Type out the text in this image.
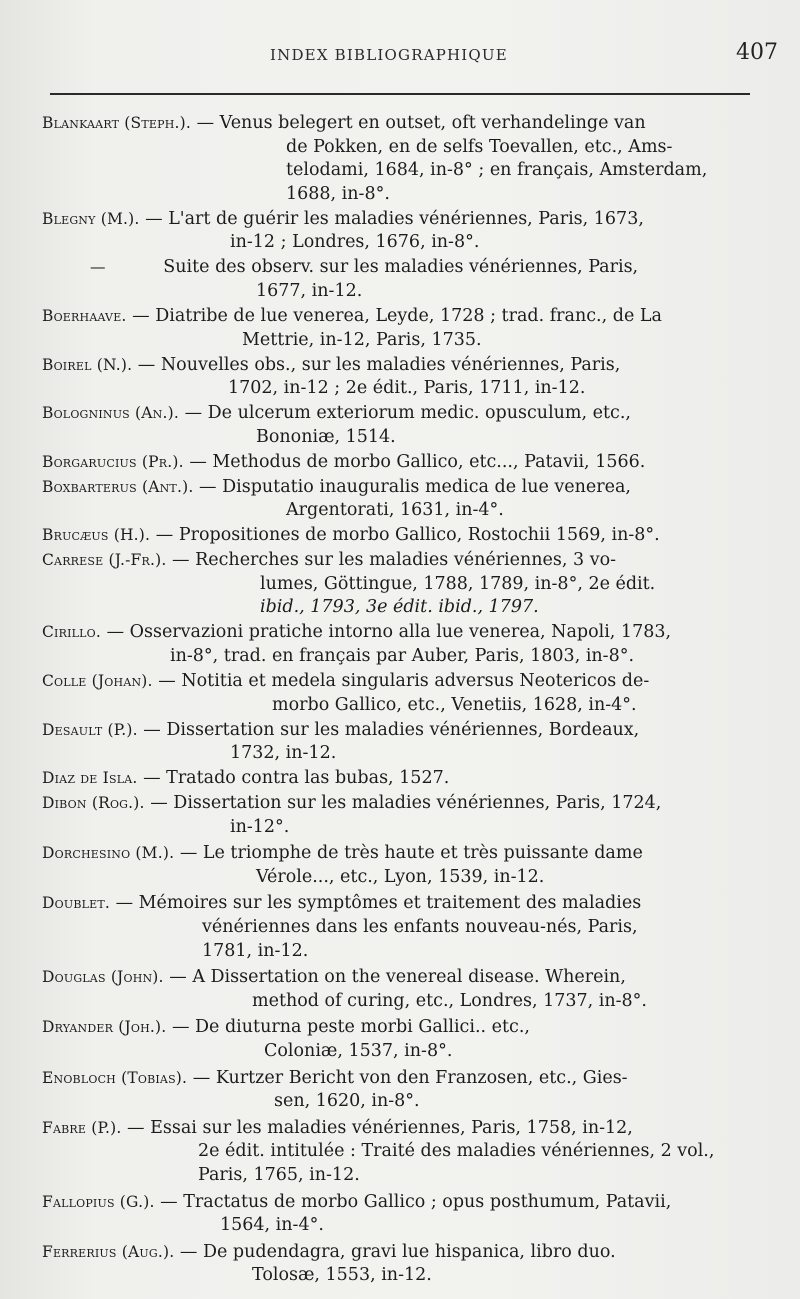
INDEX BIBLIOGRAPHIQUE	407
Blankaart (Steph.). — Venus belegert en outset, oft verhandelinge van
de Pokken, en de selfs Toevallen, etc., Ams-
telodami, 1684, in-8° ; en français, Amsterdam,
1688, in-8°.
Blegny (M.). — L'art de guérir les maladies vénériennes, Paris, 1673,
in-12 ; Londres, 1676, in-8°.
—	Suite des observ. sur les maladies vénériennes, Paris,
1677, in-12.
Boerhaave. — Diatribe de lue venerea, Leyde, 1728 ; trad. franc., de La
Mettrie, in-12, Paris, 1735.
Boirel (N.). — Nouvelles obs., sur les maladies vénériennes, Paris,
1702, in-12 ; 2e édit., Paris, 1711, in-12.
Bologninus (An.). — De ulcerum exteriorum medic. opusculum, etc.,
Bononiæ, 1514.
Borgarucius (Pr.). — Methodus de morbo Gallico, etc..., Patavii, 1566.
Boxbarterus (Ant.). — Disputatio inauguralis medica de lue venerea,
Argentorati, 1631, in-4°.
Brucæus (H.). — Propositiones de morbo Gallico, Rostochii 1569, in-8°.
Carrese (J.-Fr.). — Recherches sur les maladies vénériennes, 3 vo-
lumes, Göttingue, 1788, 1789, in-8°, 2e édit.
ibid., 1793, 3e édit. ibid., 1797.
Cirillo. — Osservazioni pratiche intorno alla lue venerea, Napoli, 1783,
in-8°, trad. en français par Auber, Paris, 1803, in-8°.
Colle (Johan). — Notitia et medela singularis adversus Neotericos de-
morbo Gallico, etc., Venetiis, 1628, in-4°.
Desault (P.). — Dissertation sur les maladies vénériennes, Bordeaux,
1732, in-12.
Diaz de Isla. — Tratado contra las bubas, 1527.
Dibon (Rog.). — Dissertation sur les maladies vénériennes, Paris, 1724,
in-12°.
Dorchesino (M.). — Le triomphe de très haute et très puissante dame
Vérole..., etc., Lyon, 1539, in-12.
Doublet. — Mémoires sur les symptômes et traitement des maladies
vénériennes dans les enfants nouveau-nés, Paris,
1781, in-12.
Douglas (John). — A Dissertation on the venereal disease. Wherein,
method of curing, etc., Londres, 1737, in-8°.
Dryander (Joh.). — De diuturna peste morbi Gallici.. etc.,
Coloniæ, 1537, in-8°.
Enobloch (Tobias). — Kurtzer Bericht von den Franzosen, etc., Gies-
sen, 1620, in-8°.
Fabre (P.). — Essai sur les maladies vénériennes, Paris, 1758, in-12,
2e édit. intitulée : Traité des maladies vénériennes, 2 vol.,
Paris, 1765, in-12.
Fallopius (G.). — Tractatus de morbo Gallico ; opus posthumum, Patavii,
1564, in-4°.
Ferrerius (Aug.). — De pudendagra, gravi lue hispanica, libro duo.
Tolosæ, 1553, in-12.
